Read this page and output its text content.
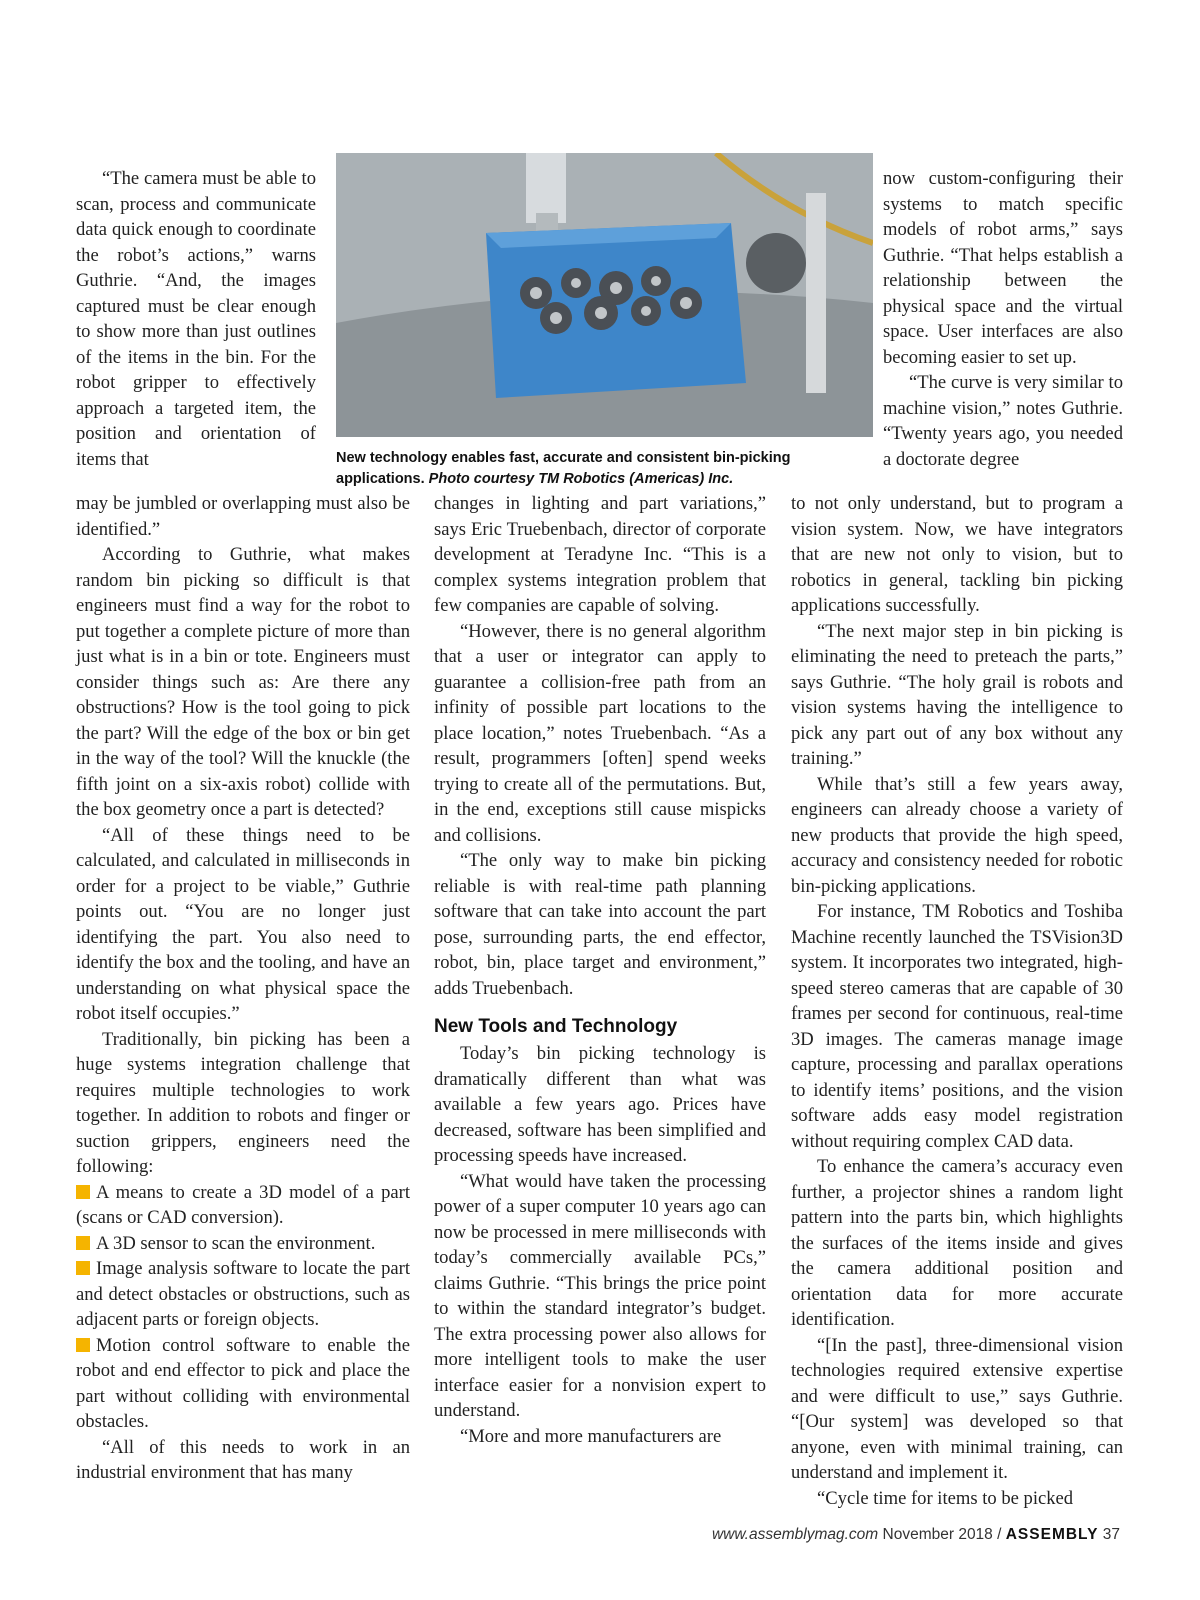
“The camera must be able to scan, process and communicate data quick enough to coordinate the robot’s actions,” warns Guthrie. “And, the images captured must be clear enough to show more than just outlines of the items in the bin. For the robot gripper to effectively approach a targeted item, the position and orientation of items that	New technology enables fast, accurate and consistent bin-picking applications. Photo courtesy TM Robotics (Americas) Inc.

may be jumbled or overlapping must also be identified.”

According to Guthrie, what makes random bin picking so difficult is that engineers must find a way for the robot to put together a complete picture of more than just what is in a bin or tote. Engineers must consider things such as: Are there any obstructions? How is the tool going to pick the part? Will the edge of the box or bin get in the way of the tool? Will the knuckle (the fifth joint on a six-axis robot) collide with the box geometry once a part is detected?

“All of these things need to be calculated, and calculated in milliseconds in order for a project to be viable,” Guthrie points out. “You are no longer just identifying the part. You also need to identify the box and the tooling, and have an understanding on what physical space the robot itself occupies.”

Traditionally, bin picking has been a huge systems integration challenge that requires multiple technologies to work together. In addition to robots and finger or suction grippers, engineers need the following:

A means to create a 3D model of a part (scans or CAD conversion).

A 3D sensor to scan the environment.

Image analysis software to locate the part and detect obstacles or obstructions, such as adjacent parts or foreign objects.

Motion control software to enable the robot and end effector to pick and place the part without colliding with environmental obstacles.

“All of this needs to work in an industrial environment that has many

changes in lighting and part variations,” says Eric Truebenbach, director of corporate development at Teradyne Inc. “This is a complex systems integration problem that few companies are capable of solving.

“However, there is no general algorithm that a user or integrator can apply to guarantee a collision-free path from an infinity of possible part locations to the place location,” notes Truebenbach. “As a result, programmers [often] spend weeks trying to create all of the permutations. But, in the end, exceptions still cause mispicks and collisions.

“The only way to make bin picking reliable is with real-time path planning software that can take into account the part pose, surrounding parts, the end effector, robot, bin, place target and environment,” adds Truebenbach.

New Tools and Technology

Today’s bin picking technology is dramatically different than what was available a few years ago. Prices have decreased, software has been simplified and processing speeds have increased.

“What would have taken the processing power of a super computer 10 years ago can now be processed in mere milliseconds with today’s commercially available PCs,” claims Guthrie. “This brings the price point to within the standard integrator’s budget. The extra processing power also allows for more intelligent tools to make the user interface easier for a nonvision expert to understand.

“More and more manufacturers are

now custom-configuring their systems to match specific models of robot arms,” says Guthrie. “That helps establish a relationship between the physical space and the virtual space. User interfaces are also becoming easier to set up.

“The curve is very similar to machine vision,” notes Guthrie. “Twenty years ago, you needed a doctorate degree

to not only understand, but to program a vision system. Now, we have integrators that are new not only to vision, but to robotics in general, tackling bin picking applications successfully.

“The next major step in bin picking is eliminating the need to preteach the parts,” says Guthrie. “The holy grail is robots and vision systems having the intelligence to pick any part out of any box without any training.”

While that’s still a few years away, engineers can already choose a variety of new products that provide the high speed, accuracy and consistency needed for robotic bin-picking applications.

For instance, TM Robotics and Toshiba Machine recently launched the TSVision3D system. It incorporates two integrated, high-speed stereo cameras that are capable of 30 frames per second for continuous, real-time 3D images. The cameras manage image capture, processing and parallax operations to identify items’ positions, and the vision software adds easy model registration without requiring complex CAD data.

To enhance the camera’s accuracy even further, a projector shines a random light pattern into the parts bin, which highlights the surfaces of the items inside and gives the camera additional position and orientation data for more accurate identification.

“[In the past], three-dimensional vision technologies required extensive expertise and were difficult to use,” says Guthrie. “[Our system] was developed so that anyone, even with minimal training, can understand and implement it.

“Cycle time for items to be picked

www.assemblymag.com November 2018 / ASSEMBLY 37
